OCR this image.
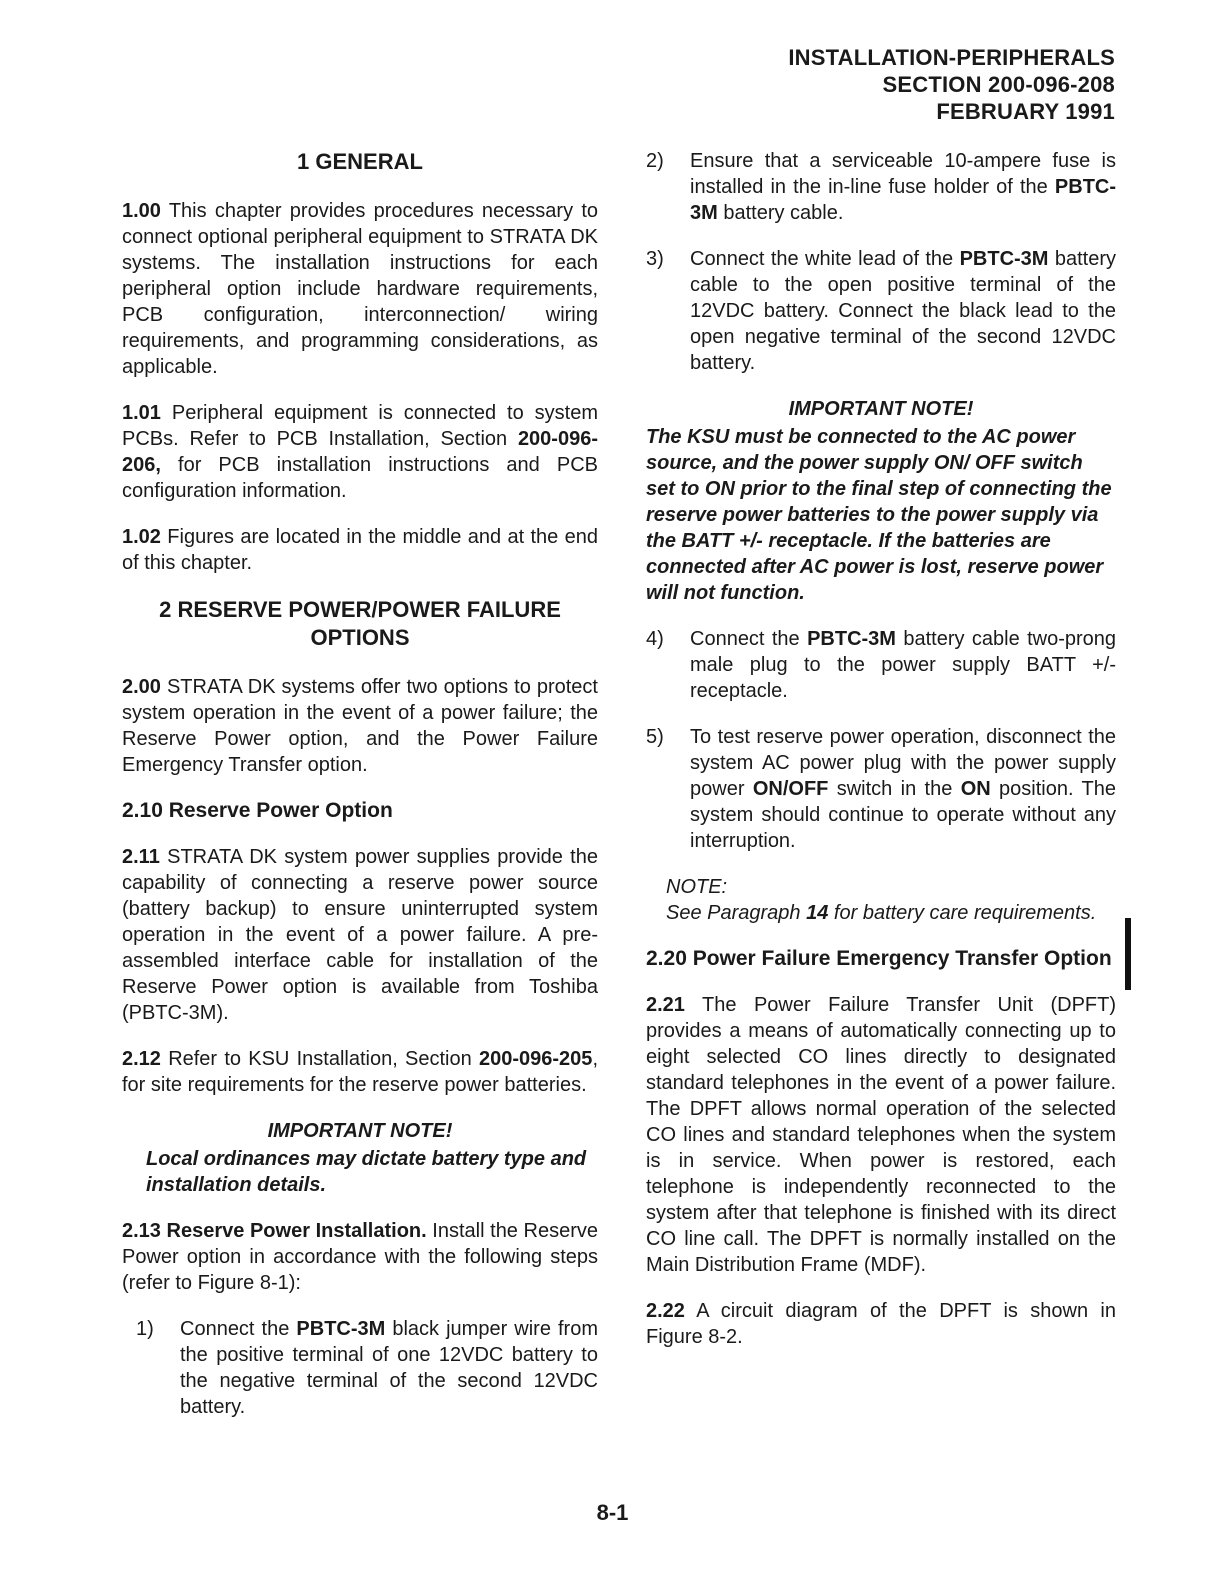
INSTALLATION-PERIPHERALS
SECTION 200-096-208
FEBRUARY 1991
1 GENERAL

1.00 This chapter provides procedures necessary to connect optional peripheral equipment to STRATA DK systems. The installation instructions for each peripheral option include hardware requirements, PCB configuration, interconnection/ wiring requirements, and programming considerations, as applicable.

1.01 Peripheral equipment is connected to system PCBs. Refer to PCB Installation, Section 200-096-206, for PCB installation instructions and PCB configuration information.

1.02 Figures are located in the middle and at the end of this chapter.

2 RESERVE POWER/POWER FAILURE OPTIONS

2.00 STRATA DK systems offer two options to protect system operation in the event of a power failure; the Reserve Power option, and the Power Failure Emergency Transfer option.

2.10 Reserve Power Option

2.11 STRATA DK system power supplies provide the capability of connecting a reserve power source (battery backup) to ensure uninterrupted system operation in the event of a power failure. A pre-assembled interface cable for installation of the Reserve Power option is available from Toshiba (PBTC-3M).

2.12 Refer to KSU Installation, Section 200-096-205, for site requirements for the reserve power batteries.

IMPORTANT NOTE!
Local ordinances may dictate battery type and installation details.

2.13 Reserve Power Installation. Install the Reserve Power option in accordance with the following steps (refer to Figure 8-1):

1)	Connect the PBTC-3M black jumper wire from the positive terminal of one 12VDC battery to the negative terminal of the second 12VDC battery.
2)	Ensure that a serviceable 10-ampere fuse is installed in the in-line fuse holder of the PBTC-3M battery cable.
3)	Connect the white lead of the PBTC-3M battery cable to the open positive terminal of the 12VDC battery. Connect the black lead to the open negative terminal of the second 12VDC battery.
IMPORTANT NOTE!
The KSU must be connected to the AC power source, and the power supply ON/ OFF switch set to ON prior to the final step of connecting the reserve power batteries to the power supply via the BATT +/- receptacle. If the batteries are connected after AC power is lost, reserve power will not function.
4)	Connect the PBTC-3M battery cable two-prong male plug to the power supply BATT +/- receptacle.
5)	To test reserve power operation, disconnect the system AC power plug with the power supply power ON/OFF switch in the ON position. The system should continue to operate without any interruption.
NOTE:
See Paragraph 14 for battery care requirements.
2.20 Power Failure Emergency Transfer Option

2.21 The Power Failure Transfer Unit (DPFT) provides a means of automatically connecting up to eight selected CO lines directly to designated standard telephones in the event of a power failure. The DPFT allows normal operation of the selected CO lines and standard telephones when the system is in service. When power is restored, each telephone is independently reconnected to the system after that telephone is finished with its direct CO line call. The DPFT is normally installed on the Main Distribution Frame (MDF).

2.22 A circuit diagram of the DPFT is shown in Figure 8-2.

8-1
